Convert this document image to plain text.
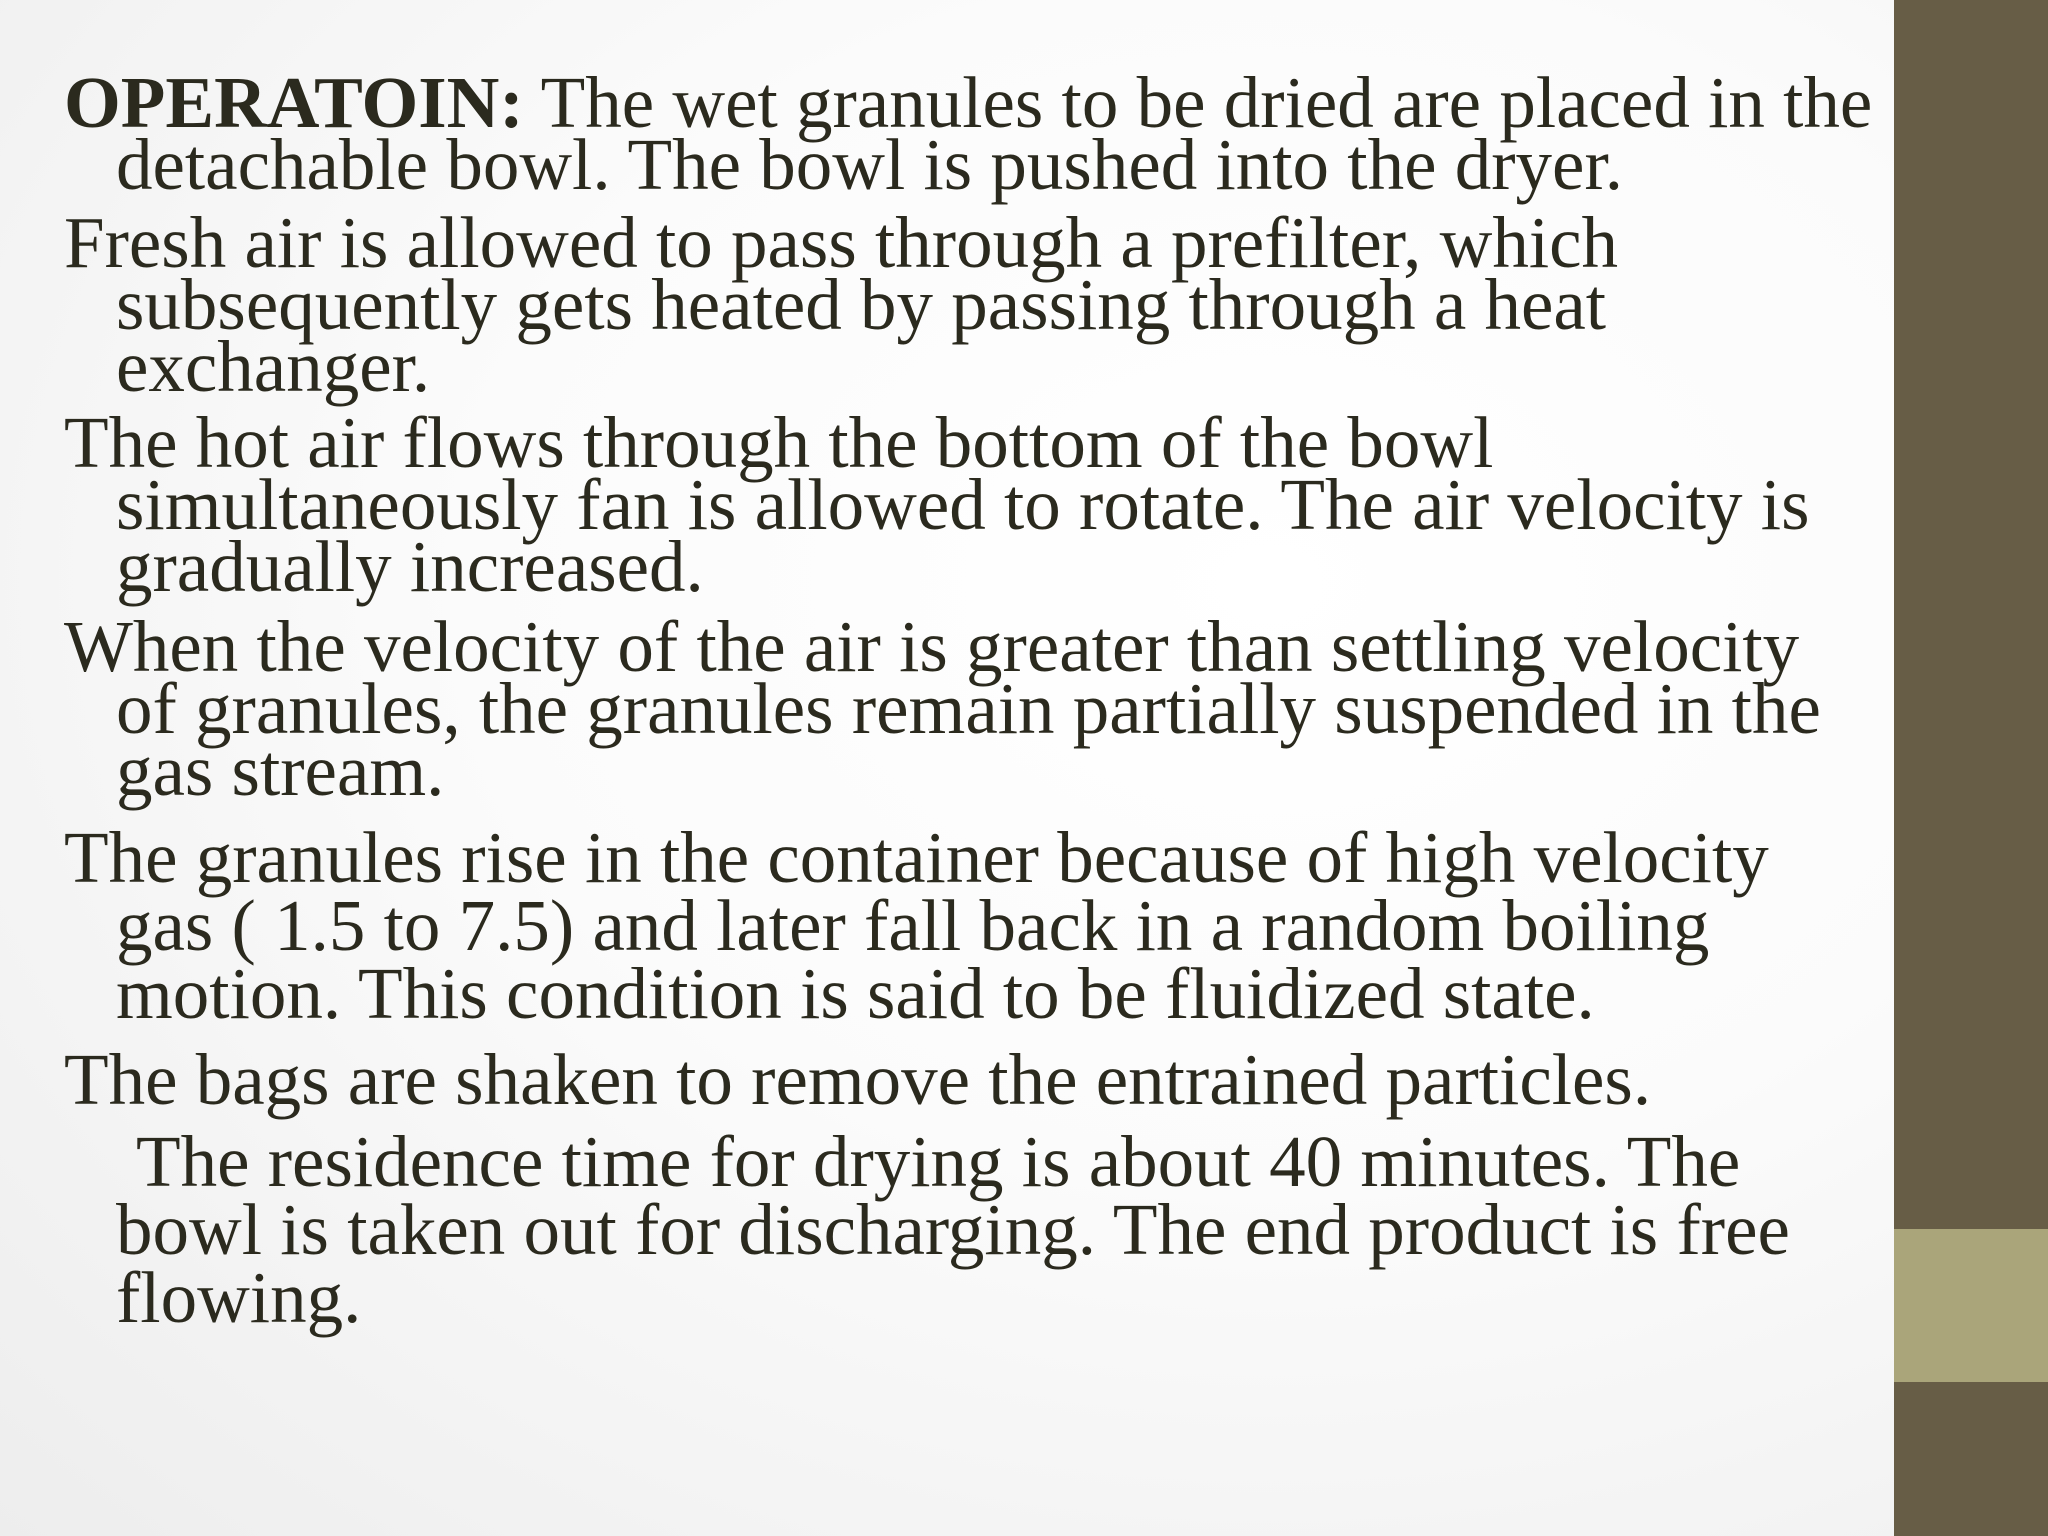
OPERATOIN: The wet granules to be dried are placed in the detachable bowl. The bowl is pushed into the dryer.

Fresh air is allowed to pass through a prefilter, which subsequently gets heated by passing through a heat exchanger.

The hot air flows through the bottom of the bowl simultaneously fan is allowed to rotate. The air velocity is gradually increased.

When the velocity of the air is greater than settling velocity of granules, the granules remain partially suspended in the gas stream.

The granules rise in the container because of high velocity gas ( 1.5 to 7.5) and later fall back in a random boiling motion. This condition is said to be fluidized state.

The bags are shaken to remove the entrained particles.

The residence time for drying is about 40 minutes. The bowl is taken out for discharging. The end product is free flowing.
